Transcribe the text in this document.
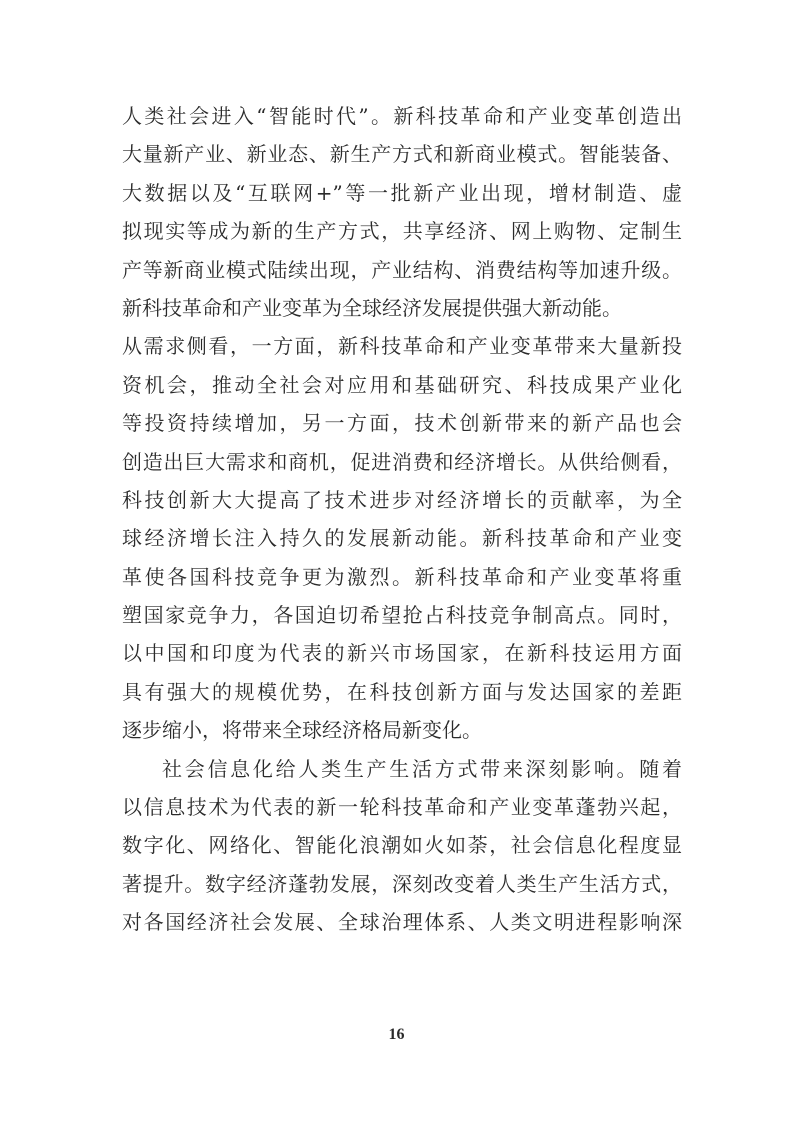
人类社会进入“智能时代”。新科技革命和产业变革创造出
大量新产业、新业态、新生产方式和新商业模式。智能装备、
大数据以及“互联网+”等一批新产业出现，增材制造、虚
拟现实等成为新的生产方式，共享经济、网上购物、定制生
产等新商业模式陆续出现，产业结构、消费结构等加速升级。
新科技革命和产业变革为全球经济发展提供强大新动能。
从需求侧看，一方面，新科技革命和产业变革带来大量新投
资机会，推动全社会对应用和基础研究、科技成果产业化
等投资持续增加，另一方面，技术创新带来的新产品也会
创造出巨大需求和商机，促进消费和经济增长。从供给侧看，
科技创新大大提高了技术进步对经济增长的贡献率，为全
球经济增长注入持久的发展新动能。新科技革命和产业变
革使各国科技竞争更为激烈。新科技革命和产业变革将重
塑国家竞争力，各国迫切希望抢占科技竞争制高点。同时，
以中国和印度为代表的新兴市场国家，在新科技运用方面
具有强大的规模优势，在科技创新方面与发达国家的差距
逐步缩小，将带来全球经济格局新变化。
社会信息化给人类生产生活方式带来深刻影响。随着
以信息技术为代表的新一轮科技革命和产业变革蓬勃兴起，
数字化、网络化、智能化浪潮如火如荼，社会信息化程度显
著提升。数字经济蓬勃发展，深刻改变着人类生产生活方式，
对各国经济社会发展、全球治理体系、人类文明进程影响深
16
